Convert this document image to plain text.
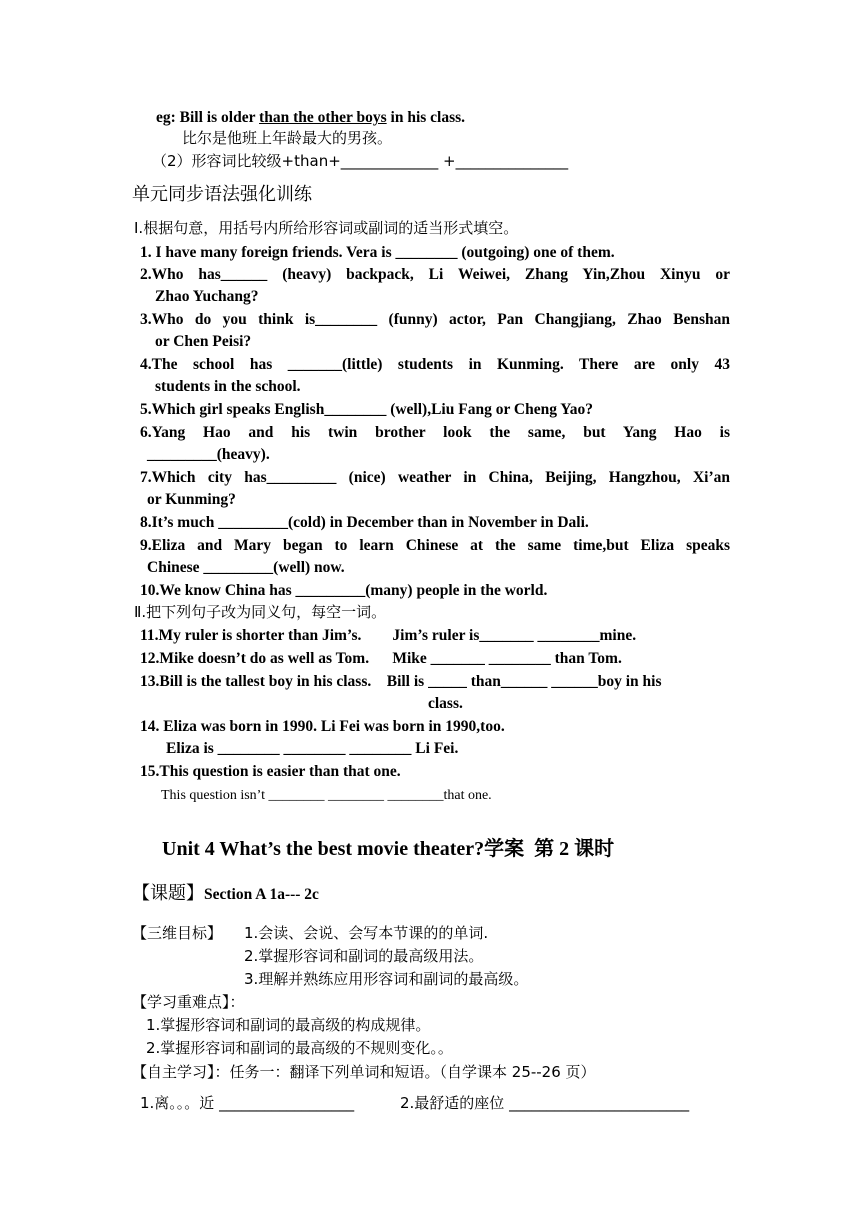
eg: Bill is older than the other boys in his class.
比尔是他班上年龄最大的男孩。
（2）形容词比较级+than+_____________ +_______________
单元同步语法强化训练
Ⅰ.根据句意，用括号内所给形容词或副词的适当形式填空。
1. I have many foreign friends. Vera is ________ (outgoing) one of them.
2.Who has______ (heavy) backpack, Li Weiwei, Zhang Yin,Zhou Xinyu or
Zhao Yuchang?
3.Who do you think is________ (funny) actor, Pan Changjiang, Zhao Benshan
or Chen Peisi?
4.The school has _______(little) students in Kunming. There are only 43
students in the school.
5.Which girl speaks English________ (well),Liu Fang or Cheng Yao?
6.Yang Hao and his twin brother look the same, but Yang Hao is
_________(heavy).
7.Which city has_________ (nice) weather in China, Beijing, Hangzhou, Xi’an
or Kunming?
8.It’s much _________(cold) in December than in November in Dali.
9.Eliza and Mary began to learn Chinese at the same time,but Eliza speaks
Chinese _________(well) now.
10.We know China has _________(many) people in the world.
Ⅱ.把下列句子改为同义句，每空一词。
11.My ruler is shorter than Jim’s.        Jim’s ruler is_______ ________mine.
12.Mike doesn’t do as well as Tom.      Mike _______ ________ than Tom.
13.Bill is the tallest boy in his class.    Bill is _____ than______ ______boy in his
class.
14. Eliza was born in 1990. Li Fei was born in 1990,too.
Eliza is ________ ________ ________ Li Fei.
15.This question is easier than that one.
This question isn’t ________ ________ ________that one.
Unit 4 What’s the best movie theater?学案  第 2 课时
【课题】Section A 1a--- 2c
【三维目标】 1.会读、会说、会写本节课的的单词.
2.掌握形容词和副词的最高级用法。
3.理解并熟练应用形容词和副词的最高级。
【学习重难点】：
1.掌握形容词和副词的最高级的构成规律。
2.掌握形容词和副词的最高级的不规则变化。。
【自主学习】：任务一：翻译下列单词和短语。（自学课本 25--26 页）
1.离。。。近 __________________	2.最舒适的座位 ________________________
